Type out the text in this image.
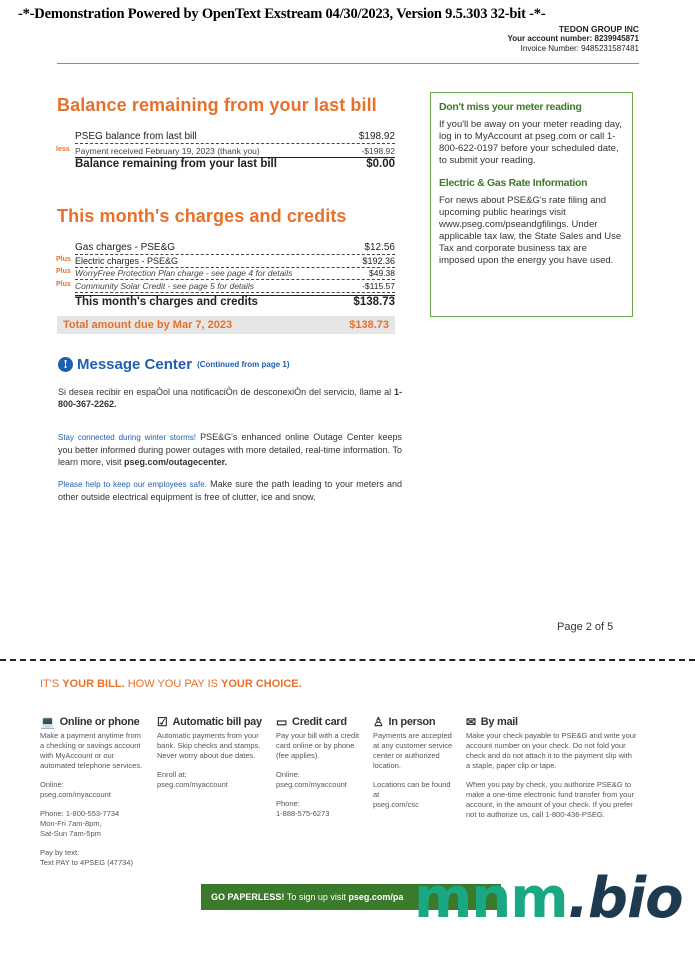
-*-Demonstration Powered by OpenText Exstream 04/30/2023, Version 9.5.303 32-bit -*-
TEDON GROUP INC
Your account number: 8239945871
Invoice Number: 9485231587481
Balance remaining from your last bill
PSEG balance from last bill	$198.92
less Payment received February 19, 2023 (thank you)	-$198.92
Balance remaining from your last bill	$0.00
This month's charges and credits
Gas charges - PSE&G	$12.56
Plus Electric charges - PSE&G	$192.36
Plus WorryFree Protection Plan charge - see page 4 for details	$49.38
Plus Community Solar Credit - see page 5 for details	-$115.57
This month's charges and credits	$138.73
Total amount due by Mar 7, 2023	$138.73
Don't miss your meter reading

If you'll be away on your meter reading day, log in to MyAccount at pseg.com or call 1-800-622-0197 before your scheduled date, to submit your reading.

Electric & Gas Rate Information

For news about PSE&G's rate filing and upcoming public hearings visit www.pseg.com/pseandgfilings. Under applicable tax law, the State Sales and Use Tax and corporate business tax are imposed upon the energy you have used.

! Message Center (Continued from page 1)
Si desea recibir en espaÒol una notificaciÒn de desconexiÒn del servicio, llame al 1-800-367-2262.
Stay connected during winter storms! PSE&G's enhanced online Outage Center keeps you better informed during power outages with more detailed, real-time information. To learn more, visit pseg.com/outagecenter.
Please help to keep our employees safe. Make sure the path leading to your meters and other outside electrical equipment is free of clutter, ice and snow.
Page 2 of 5
IT'S YOUR BILL. HOW YOU PAY IS YOUR CHOICE.
💻 Online or phone

Make a payment anytime from a checking or savings account with MyAccount or our automated telephone services.

Online:
pseg.com/myaccount

Phone: 1-800-553-7734
Mon-Fri 7am-8pm,
Sat-Sun 7am-5pm

Pay by text:
Text PAY to 4PSEG (47734)

☑ Automatic bill pay

Automatic payments from your bank. Skip checks and stamps. Never worry about due dates.

Enroll at:
pseg.com/myaccount

▭ Credit card

Pay your bill with a credit card online or by phone (fee applies).

Online:
pseg.com/myaccount

Phone:
1-888-575-6273

♙ In person

Payments are accepted at any customer service center or authorized location.

Locations can be found at
pseg.com/csc

✉ By mail

Make your check payable to PSE&G and write your account number on your check. Do not fold your check and do not attach it to the payment slip with a staple, paper clip or tape.

When you pay by check, you authorize PSE&G to make a one-time electronic fund transfer from your account, in the amount of your check. If you prefer not to authorize us, call 1-800-436-PSEG.

GO PAPERLESS!
To sign up visit
pseg.com/pa mnm.bio
